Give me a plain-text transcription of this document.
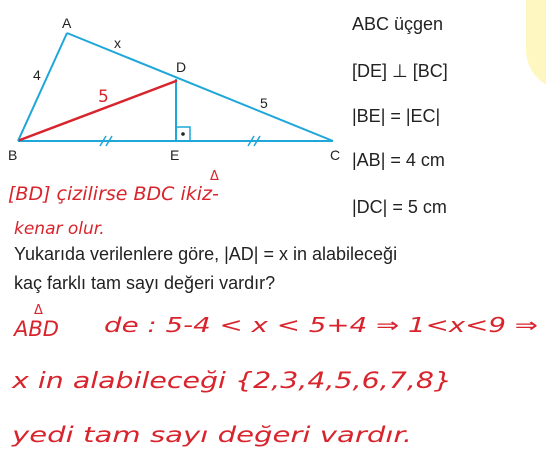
A
B	C
D
E
4
x
5
5
ABC üçgen
[DE] ⊥ [BC]
|BE| = |EC|
|AB| = 4 cm
|DC| = 5 cm
Yukarıda verilenlere göre, |AD| = x in alabileceği
kaç farklı tam sayı değeri vardır?
Δ
[BD] çizilirse BDC ikiz-
kenar olur.
Δ
ABD de : 5-4 < x < 5+4 ⇒ 1<x<9 ⇒
x in alabileceği {2,3,4,5,6,7,8}
yedi tam sayı değeri vardır.
